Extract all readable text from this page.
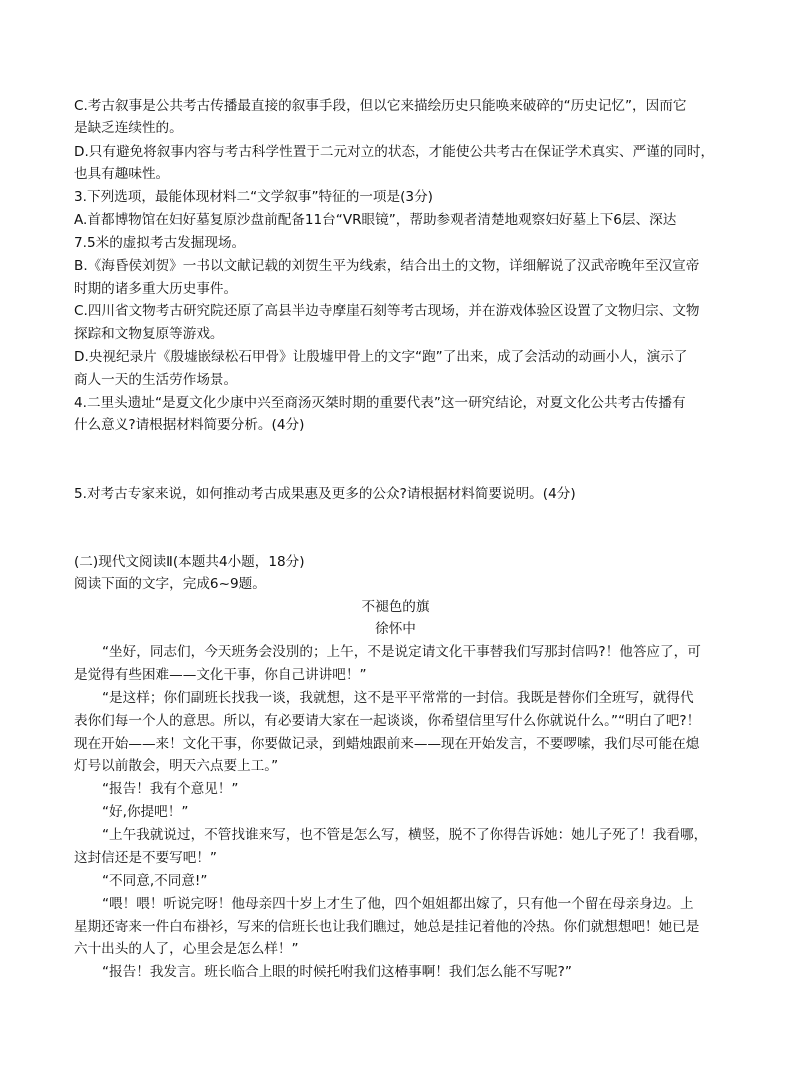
C.考古叙事是公共考古传播最直接的叙事手段，但以它来描绘历史只能唤来破碎的“历史记忆”，因而它
是缺乏连续性的。
D.只有避免将叙事内容与考古科学性置于二元对立的状态，才能使公共考古在保证学术真实、严谨的同时，
也具有趣味性。
3.下列选项，最能体现材料二“文学叙事”特征的一项是(3分)
A.首都博物馆在妇好墓复原沙盘前配备11台“VR眼镜”，帮助参观者清楚地观察妇好墓上下6层、深达
7.5米的虚拟考古发掘现场。
B.《海昏侯刘贺》一书以文献记载的刘贺生平为线索，结合出土的文物，详细解说了汉武帝晚年至汉宣帝
时期的诸多重大历史事件。
C.四川省文物考古研究院还原了高县半边寺摩崖石刻等考古现场，并在游戏体验区设置了文物归宗、文物
探踪和文物复原等游戏。
D.央视纪录片《殷墟嵌绿松石甲骨》让殷墟甲骨上的文字“跑”了出来，成了会活动的动画小人，演示了
商人一天的生活劳作场景。
4.二里头遗址“是夏文化少康中兴至商汤灭桀时期的重要代表”这一研究结论，对夏文化公共考古传播有
什么意义?请根据材料简要分析。(4分)
5.对考古专家来说，如何推动考古成果惠及更多的公众?请根据材料简要说明。(4分)
(二)现代文阅读Ⅱ(本题共4小题，18分)
阅读下面的文字，完成6~9题。
不褪色的旗
徐怀中
“坐好，同志们，今天班务会没別的；上午，不是说定请文化干事替我们写那封信吗?！他答应了，可
是觉得有些困难——文化干事，你自己讲讲吧！”
“是这样；你们副班长找我一谈，我就想，这不是平平常常的一封信。我既是替你们全班写，就得代
表你们每一个人的意思。所以，有必要请大家在一起谈谈，你希望信里写什么你就说什么。”“明白了吧?！
现在开始——来！文化干事，你要做记录，到蜡烛跟前来——现在开始发言，不要啰嗦，我们尽可能在熄
灯号以前散会，明天六点要上工。”
“报告！我有个意见！”
“好,你提吧！”
“上午我就说过，不管找谁来写，也不管是怎么写，横竖，脱不了你得告诉她：她儿子死了！我看哪，
这封信还是不要写吧！”
“不同意,不同意!”
“喂！喂！听说完呀！他母亲四十岁上才生了他，四个姐姐都出嫁了，只有他一个留在母亲身边。上
星期还寄来一件白布褂衫，写来的信班长也让我们瞧过，她总是挂记着他的冷热。你们就想想吧！她已是
六十出头的人了，心里会是怎么样！”
“报告！我发言。班长临合上眼的时候托咐我们这椿事啊！我们怎么能不写呢?”
